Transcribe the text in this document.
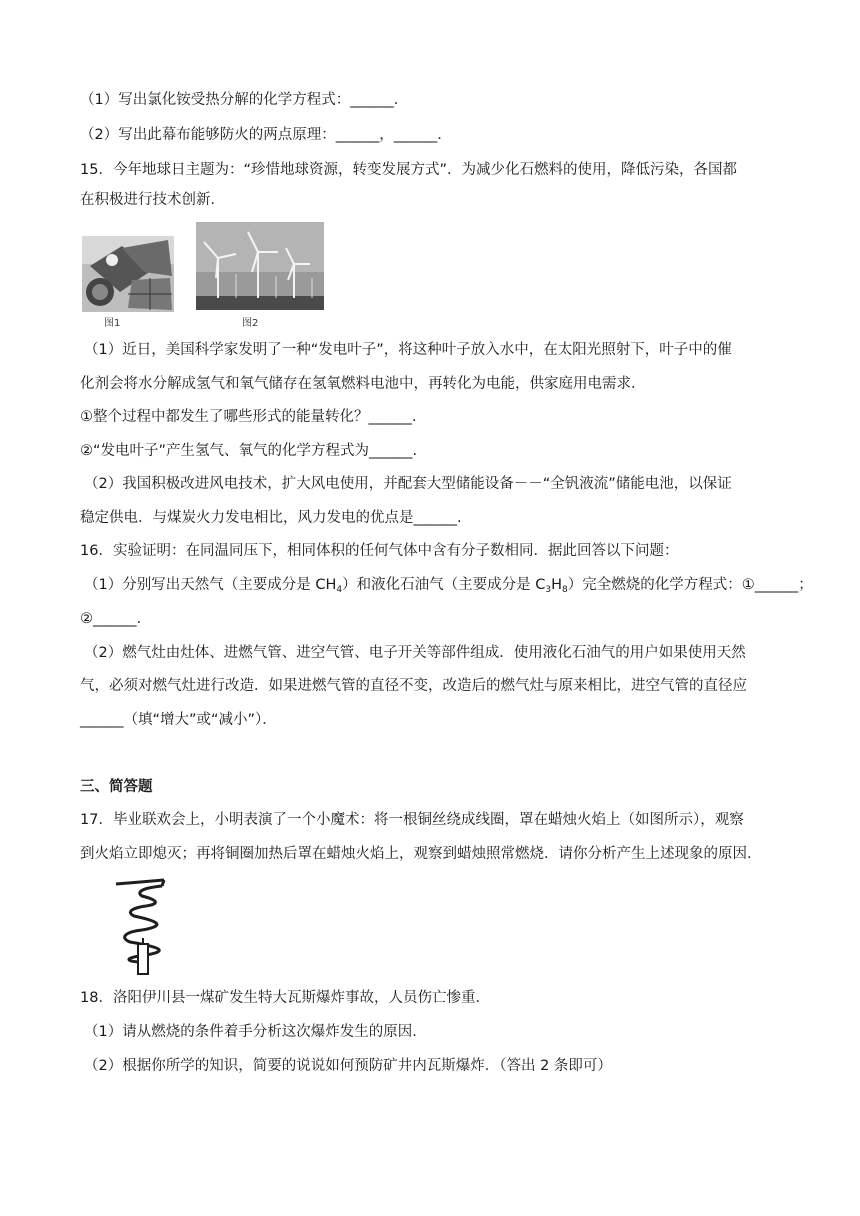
（1）写出氯化铵受热分解的化学方程式：______.
（2）写出此幕布能够防火的两点原理：______，______.
15．今年地球日主题为：“珍惜地球资源，转变发展方式”．为减少化石燃料的使用，降低污染，各国都
在积极进行技术创新．
图1	图2
（1）近日，美国科学家发明了一种“发电叶子”，将这种叶子放入水中，在太阳光照射下，叶子中的催
化剂会将水分解成氢气和氧气储存在氢氧燃料电池中，再转化为电能，供家庭用电需求．
①整个过程中都发生了哪些形式的能量转化？______.
②“发电叶子”产生氢气、氧气的化学方程式为______.
（2）我国积极改进风电技术，扩大风电使用，并配套大型储能设备－－“全钒液流”储能电池，以保证
稳定供电．与煤炭火力发电相比，风力发电的优点是______.
16．实验证明：在同温同压下，相同体积的任何气体中含有分子数相同．据此回答以下问题：
（1）分别写出天然气（主要成分是 $CH_4$）和液化石油气（主要成分是 $C_3H_8$）完全燃烧的化学方程式：①______；
②______.
（2）燃气灶由灶体、进燃气管、进空气管、电子开关等部件组成．使用液化石油气的用户如果使用天然
气，必须对燃气灶进行改造．如果进燃气管的直径不变，改造后的燃气灶与原来相比，进空气管的直径应
______（填“增大”或“减小”）．
三、简答题
17．毕业联欢会上，小明表演了一个小魔术：将一根铜丝绕成线圈，罩在蜡烛火焰上（如图所示），观察
到火焰立即熄灭；再将铜圈加热后罩在蜡烛火焰上，观察到蜡烛照常燃烧．请你分析产生上述现象的原因．
18．洛阳伊川县一煤矿发生特大瓦斯爆炸事故，人员伤亡惨重．
（1）请从燃烧的条件着手分析这次爆炸发生的原因．
（2）根据你所学的知识，简要的说说如何预防矿井内瓦斯爆炸．（答出 2 条即可）
